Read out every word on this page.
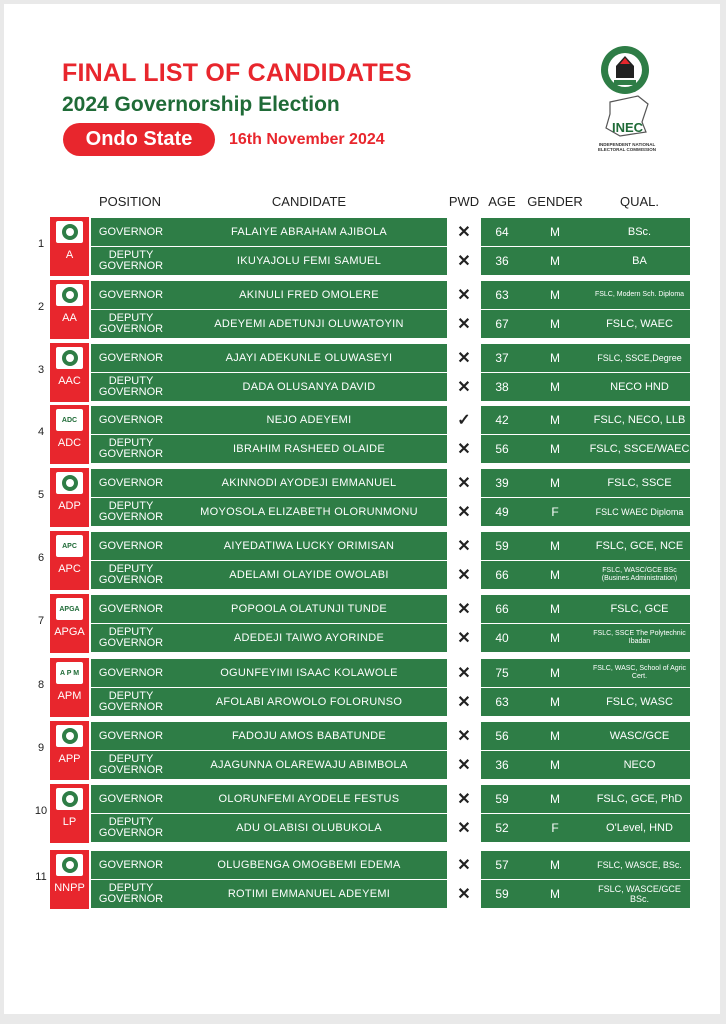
FINAL LIST OF CANDIDATES
2024 Governorship Election
Ondo State	16th November 2024
INEC
INDEPENDENT NATIONAL ELECTORAL COMMISSION
POSITION	CANDIDATE	PWD AGE GENDER	QUAL.
1
A
GOVERNOR	FALAIYE ABRAHAM AJIBOLA	✕	64	M	BSc.
DEPUTY GOVERNOR	IKUYAJOLU FEMI SAMUEL	✕	36	M	BA
2
AA
GOVERNOR	AKINULI FRED OMOLERE	✕	63	M	FSLC, Modern Sch. Diploma
DEPUTY GOVERNOR	ADEYEMI ADETUNJI OLUWATOYIN	✕	67	M	FSLC, WAEC
3
AAC
GOVERNOR	AJAYI ADEKUNLE OLUWASEYI	✕	37	M	FSLC, SSCE,Degree
DEPUTY GOVERNOR	DADA OLUSANYA DAVID	✕	38	M	NECO HND
4
ADC
ADC
GOVERNOR	NEJO ADEYEMI	✓	42	M	FSLC, NECO, LLB
DEPUTY GOVERNOR	IBRAHIM RASHEED OLAIDE	✕	56	M	FSLC, SSCE/WAEC
5
ADP
GOVERNOR	AKINNODI AYODEJI EMMANUEL	✕	39	M	FSLC, SSCE
DEPUTY GOVERNOR	MOYOSOLA ELIZABETH OLORUNMONU	✕	49	F	FSLC WAEC Diploma
6
APC
APC
GOVERNOR	AIYEDATIWA LUCKY ORIMISAN	✕	59	M	FSLC, GCE, NCE
DEPUTY GOVERNOR	ADELAMI OLAYIDE OWOLABI	✕	66	M	FSLC, WASC/GCE BSc (Busines Administration)
7
APGA
APGA
GOVERNOR	POPOOLA OLATUNJI TUNDE	✕	66	M	FSLC, GCE
DEPUTY GOVERNOR	ADEDEJI TAIWO AYORINDE	✕	40	M	FSLC, SSCE The Polytechnic Ibadan
8
A P M
APM
GOVERNOR	OGUNFEYIMI ISAAC KOLAWOLE	✕	75	M	FSLC, WASC, School of Agric Cert.
DEPUTY GOVERNOR	AFOLABI AROWOLO FOLORUNSO	✕	63	M	FSLC, WASC
9
APP
GOVERNOR	FADOJU AMOS BABATUNDE	✕	56	M	WASC/GCE
DEPUTY GOVERNOR	AJAGUNNA OLAREWAJU ABIMBOLA	✕	36	M	NECO
10
LP
GOVERNOR	OLORUNFEMI AYODELE FESTUS	✕	59	M	FSLC, GCE, PhD
DEPUTY GOVERNOR	ADU OLABISI OLUBUKOLA	✕	52	F	O'Level, HND
11
NNPP
GOVERNOR	OLUGBENGA OMOGBEMI EDEMA	✕	57	M	FSLC, WASCE, BSc.
DEPUTY GOVERNOR	ROTIMI EMMANUEL ADEYEMI	✕	59	M	FSLC, WASCE/GCE BSc.
